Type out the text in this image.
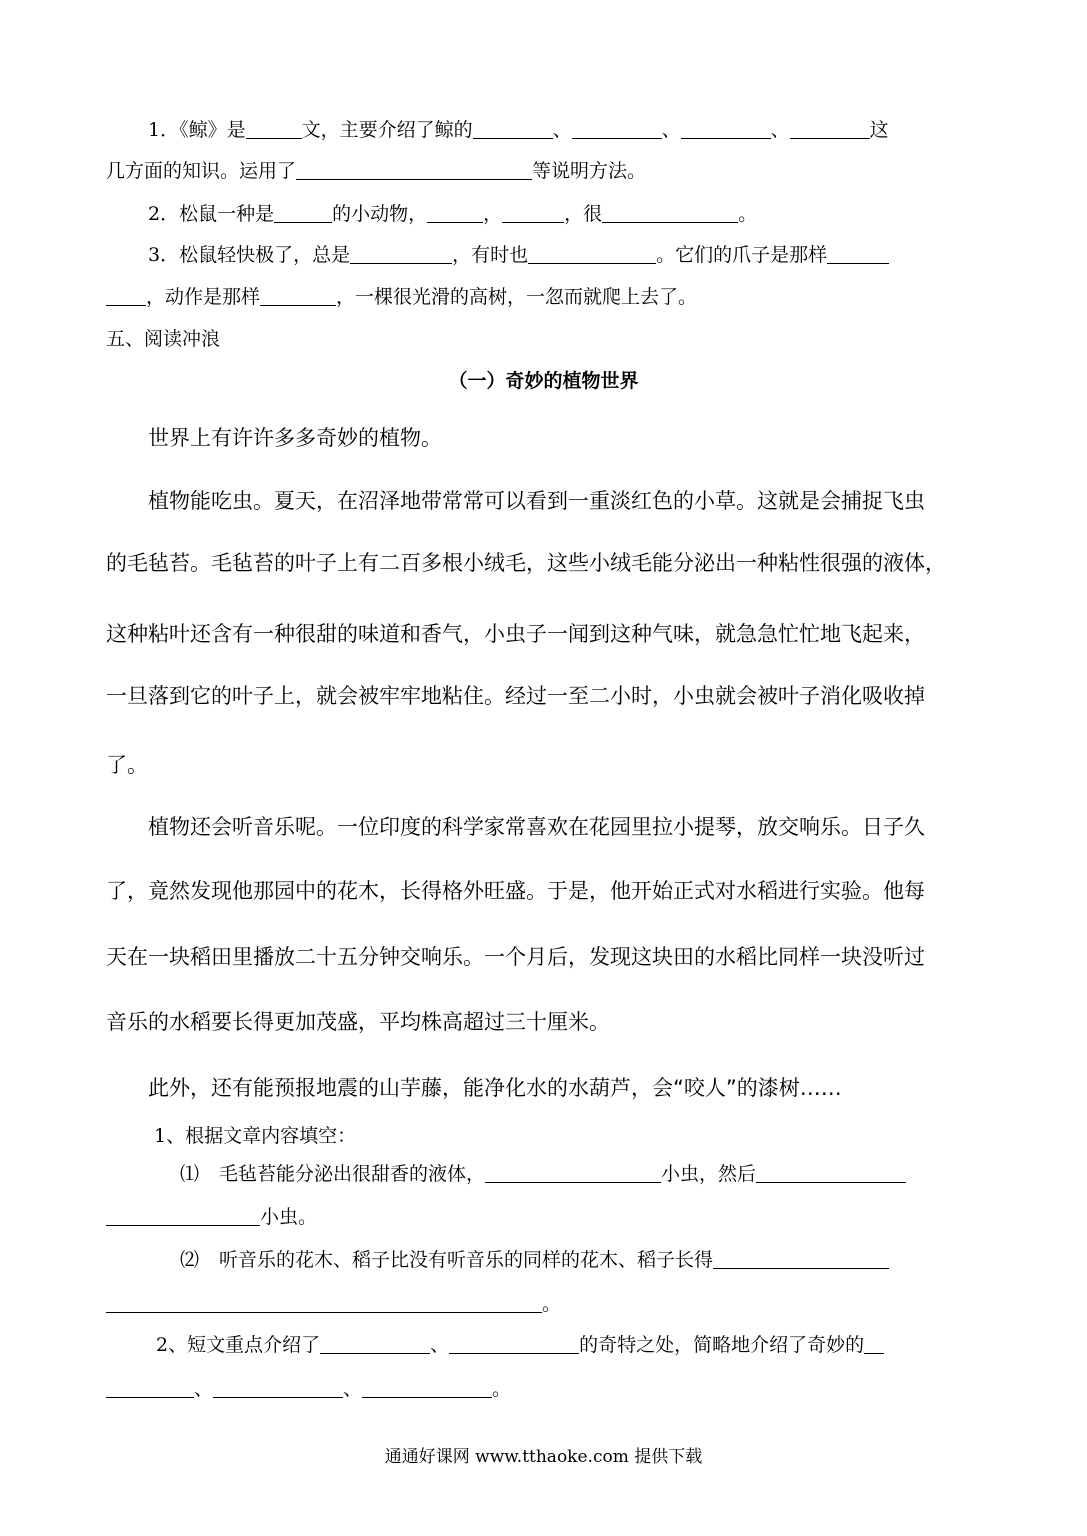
1．《鲸》是	文，主要介绍了鲸的	、	、	、	这
几方面的知识。运用了	等说明方法。
2．松鼠一种是	的小动物，	，	，很	。
3．松鼠轻快极了，总是	，有时也	。它们的爪子是那样
，动作是那样	，一棵很光滑的高树，一忽而就爬上去了。
五、阅读冲浪
（一）奇妙的植物世界
世界上有许许多多奇妙的植物。
植物能吃虫。夏天，在沼泽地带常常可以看到一重淡红色的小草。这就是会捕捉飞虫
的毛毡苔。毛毡苔的叶子上有二百多根小绒毛，这些小绒毛能分泌出一种粘性很强的液体，
这种粘叶还含有一种很甜的味道和香气，小虫子一闻到这种气味，就急急忙忙地飞起来，
一旦落到它的叶子上，就会被牢牢地粘住。经过一至二小时，小虫就会被叶子消化吸收掉
了。
植物还会听音乐呢。一位印度的科学家常喜欢在花园里拉小提琴，放交响乐。日子久
了，竟然发现他那园中的花木，长得格外旺盛。于是，他开始正式对水稻进行实验。他每
天在一块稻田里播放二十五分钟交响乐。一个月后，发现这块田的水稻比同样一块没听过
音乐的水稻要长得更加茂盛，平均株高超过三十厘米。
此外，还有能预报地震的山芋藤，能净化水的水葫芦，会“咬人”的漆树……
1、根据文章内容填空：
⑴ 毛毡苔能分泌出很甜香的液体，	小虫，然后
小虫。
⑵ 听音乐的花木、稻子比没有听音乐的同样的花木、稻子长得
。
2、短文重点介绍了	、	的奇特之处，简略地介绍了奇妙的
、	、	。
通通好课网 www.tthaoke.com 提供下载
